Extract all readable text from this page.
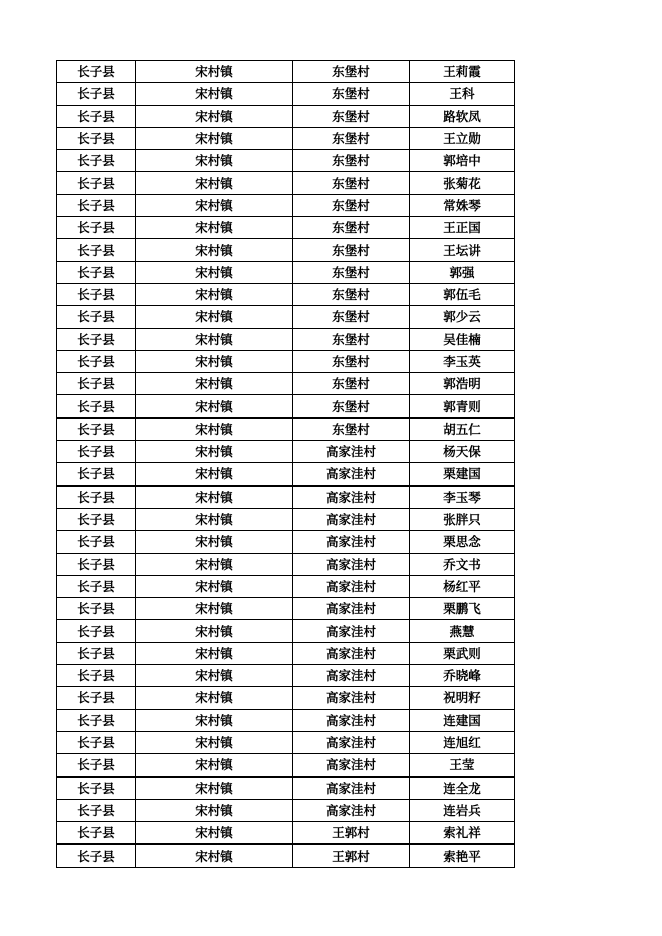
长子县	宋村镇	东堡村	王莉霞
长子县	宋村镇	东堡村	王科
长子县	宋村镇	东堡村	路软凤
长子县	宋村镇	东堡村	王立勋
长子县	宋村镇	东堡村	郭培中
长子县	宋村镇	东堡村	张菊花
长子县	宋村镇	东堡村	常姝琴
长子县	宋村镇	东堡村	王正国
长子县	宋村镇	东堡村	王坛讲
长子县	宋村镇	东堡村	郭强
长子县	宋村镇	东堡村	郭伍毛
长子县	宋村镇	东堡村	郭少云
长子县	宋村镇	东堡村	吴佳楠
长子县	宋村镇	东堡村	李玉英
长子县	宋村镇	东堡村	郭浩明
长子县	宋村镇	东堡村	郭青则
长子县	宋村镇	东堡村	胡五仁
长子县	宋村镇	高家洼村	杨天保
长子县	宋村镇	高家洼村	栗建国
长子县	宋村镇	高家洼村	李玉琴
长子县	宋村镇	高家洼村	张胖只
长子县	宋村镇	高家洼村	栗思念
长子县	宋村镇	高家洼村	乔文书
长子县	宋村镇	高家洼村	杨红平
长子县	宋村镇	高家洼村	栗鹏飞
长子县	宋村镇	高家洼村	燕慧
长子县	宋村镇	高家洼村	栗武则
长子县	宋村镇	高家洼村	乔晓峰
长子县	宋村镇	高家洼村	祝明籽
长子县	宋村镇	高家洼村	连建国
长子县	宋村镇	高家洼村	连旭红
长子县	宋村镇	高家洼村	王莹
长子县	宋村镇	高家洼村	连全龙
长子县	宋村镇	高家洼村	连岩兵
长子县	宋村镇	王郭村	索礼祥
长子县	宋村镇	王郭村	索艳平
